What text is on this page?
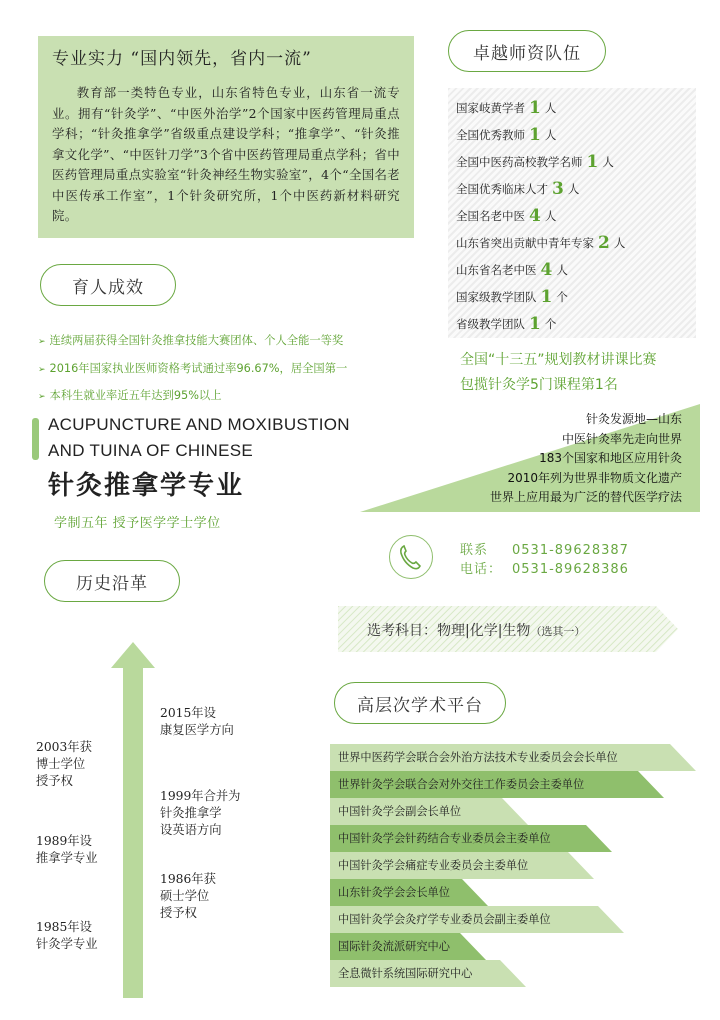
专业实力 “国内领先，省内一流”

教育部一类特色专业，山东省特色专业，山东省一流专业。拥有“针灸学”、“中医外治学”2个国家中医药管理局重点学科；“针灸推拿学”省级重点建设学科；“推拿学”、“针灸推拿文化学”、“中医针刀学”3个省中医药管理局重点学科；省中医药管理局重点实验室“针灸神经生物实验室”，4个“全国名老中医传承工作室”，1个针灸研究所，1个中医药新材料研究院。

卓越师资队伍
国家岐黄学者 1 人
全国优秀教师 1 人
全国中医药高校教学名师 1 人
全国优秀临床人才 3 人
全国名老中医 4 人
山东省突出贡献中青年专家 2 人
山东省名老中医 4 人
国家级教学团队 1 个
省级教学团队 1 个
全国“十三五”规划教材讲课比赛
包揽针灸学5门课程第1名
育人成效
➢ 连续两届获得全国针灸推拿技能大赛团体、个人全能一等奖
➢ 2016年国家执业医师资格考试通过率96.67%，居全国第一
➢ 本科生就业率近五年达到95%以上
ACUPUNCTURE AND MOXIBUSTION
AND TUINA OF CHINESE
针灸推拿学专业
学制五年 授予医学学士学位
针灸发源地—山东
中医针灸率先走向世界
183个国家和地区应用针灸
2010年列为世界非物质文化遗产
世界上应用最为广泛的替代医学疗法
联系 0531-89628387
电话： 0531-89628386
选考科目：物理|化学|生物（选其一）
历史沿革
2015年设
康复医学方向
2003年获
博士学位
授予权
1999年合并为
针灸推拿学
设英语方向
1989年设
推拿学专业
1986年获
硕士学位
授予权
1985年设
针灸学专业
高层次学术平台
世界中医药学会联合会外治方法技术专业委员会会长单位
世界针灸学会联合会对外交往工作委员会主委单位
中国针灸学会副会长单位
中国针灸学会针药结合专业委员会主委单位
中国针灸学会痛症专业委员会主委单位
山东针灸学会会长单位
中国针灸学会灸疗学专业委员会副主委单位
国际针灸流派研究中心
全息微针系统国际研究中心
